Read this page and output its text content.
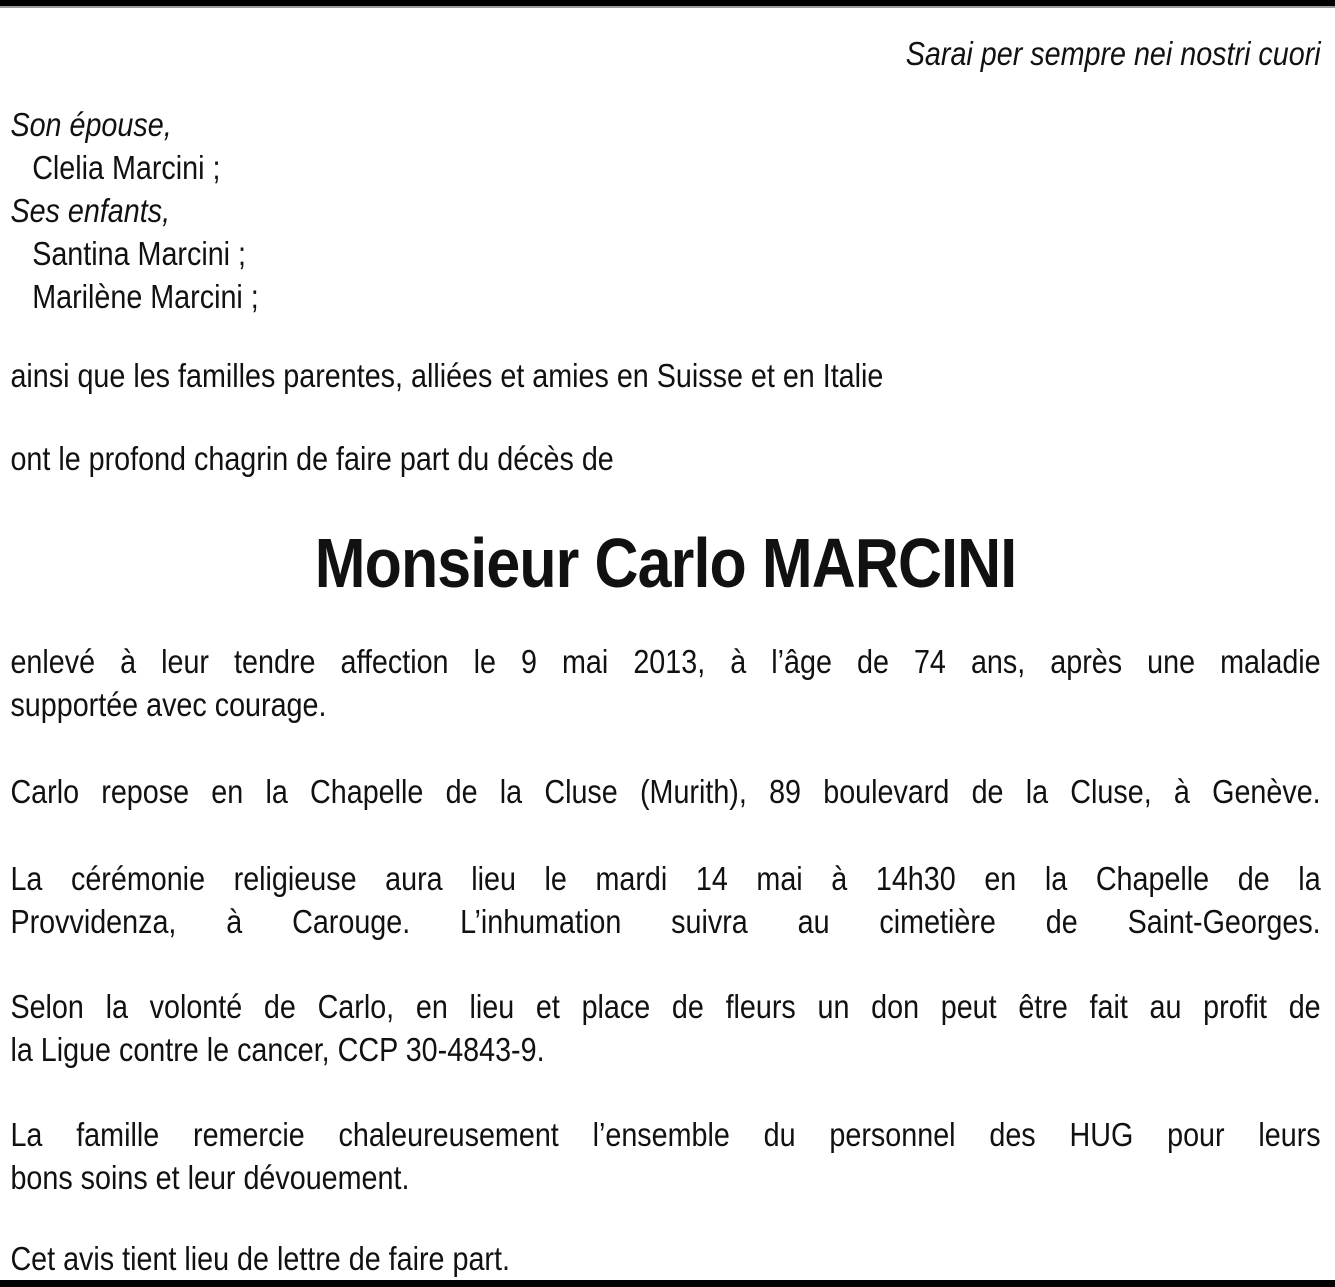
Sarai per sempre nei nostri cuori
Son épouse,
Clelia Marcini ;
Ses enfants,
Santina Marcini ;
Marilène Marcini ;
ainsi que les familles parentes, alliées et amies en Suisse et en Italie
ont le profond chagrin de faire part du décès de
Monsieur Carlo MARCINI
enlevé à leur tendre affection le 9 mai 2013, à l’âge de 74 ans, après une maladie
supportée avec courage.
Carlo repose en la Chapelle de la Cluse (Murith), 89 boulevard de la Cluse, à Genève.
La cérémonie religieuse aura lieu le mardi 14 mai à 14h30 en la Chapelle de la
Provvidenza, à Carouge. L’inhumation suivra au cimetière de Saint-Georges.
Selon la volonté de Carlo, en lieu et place de fleurs un don peut être fait au profit de
la Ligue contre le cancer, CCP 30-4843-9.
La famille remercie chaleureusement l’ensemble du personnel des HUG pour leurs
bons soins et leur dévouement.
Cet avis tient lieu de lettre de faire part.
